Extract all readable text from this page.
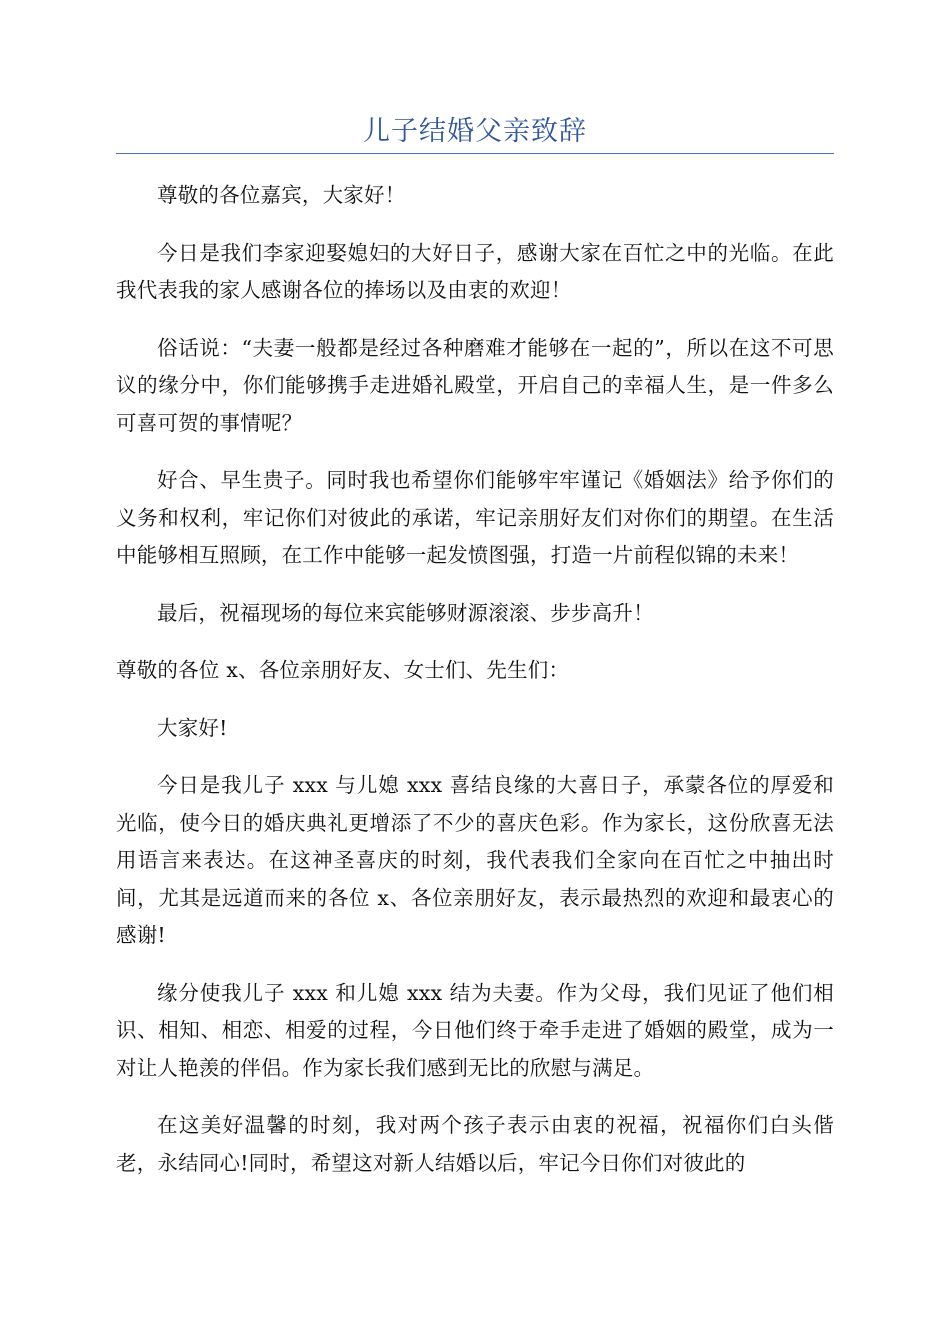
儿子结婚父亲致辞

尊敬的各位嘉宾，大家好！

今日是我们李家迎娶媳妇的大好日子，感谢大家在百忙之中的光临。在此我代表我的家人感谢各位的捧场以及由衷的欢迎！

俗话说：“夫妻一般都是经过各种磨难才能够在一起的”，所以在这不可思议的缘分中，你们能够携手走进婚礼殿堂，开启自己的幸福人生，是一件多么可喜可贺的事情呢？

好合、早生贵子。同时我也希望你们能够牢牢谨记《婚姻法》给予你们的义务和权利，牢记你们对彼此的承诺，牢记亲朋好友们对你们的期望。在生活中能够相互照顾，在工作中能够一起发愤图强，打造一片前程似锦的未来！

最后，祝福现场的每位来宾能够财源滚滚、步步高升！

尊敬的各位 x、各位亲朋好友、女士们、先生们：

大家好!

今日是我儿子 xxx 与儿媳 xxx 喜结良缘的大喜日子，承蒙各位的厚爱和光临，使今日的婚庆典礼更增添了不少的喜庆色彩。作为家长，这份欣喜无法用语言来表达。在这神圣喜庆的时刻，我代表我们全家向在百忙之中抽出时间，尤其是远道而来的各位 x、各位亲朋好友，表示最热烈的欢迎和最衷心的感谢!

缘分使我儿子 xxx 和儿媳 xxx 结为夫妻。作为父母，我们见证了他们相识、相知、相恋、相爱的过程，今日他们终于牵手走进了婚姻的殿堂，成为一对让人艳羡的伴侣。作为家长我们感到无比的欣慰与满足。

在这美好温馨的时刻，我对两个孩子表示由衷的祝福，祝福你们白头偕老，永结同心!同时，希望这对新人结婚以后，牢记今日你们对彼此的
